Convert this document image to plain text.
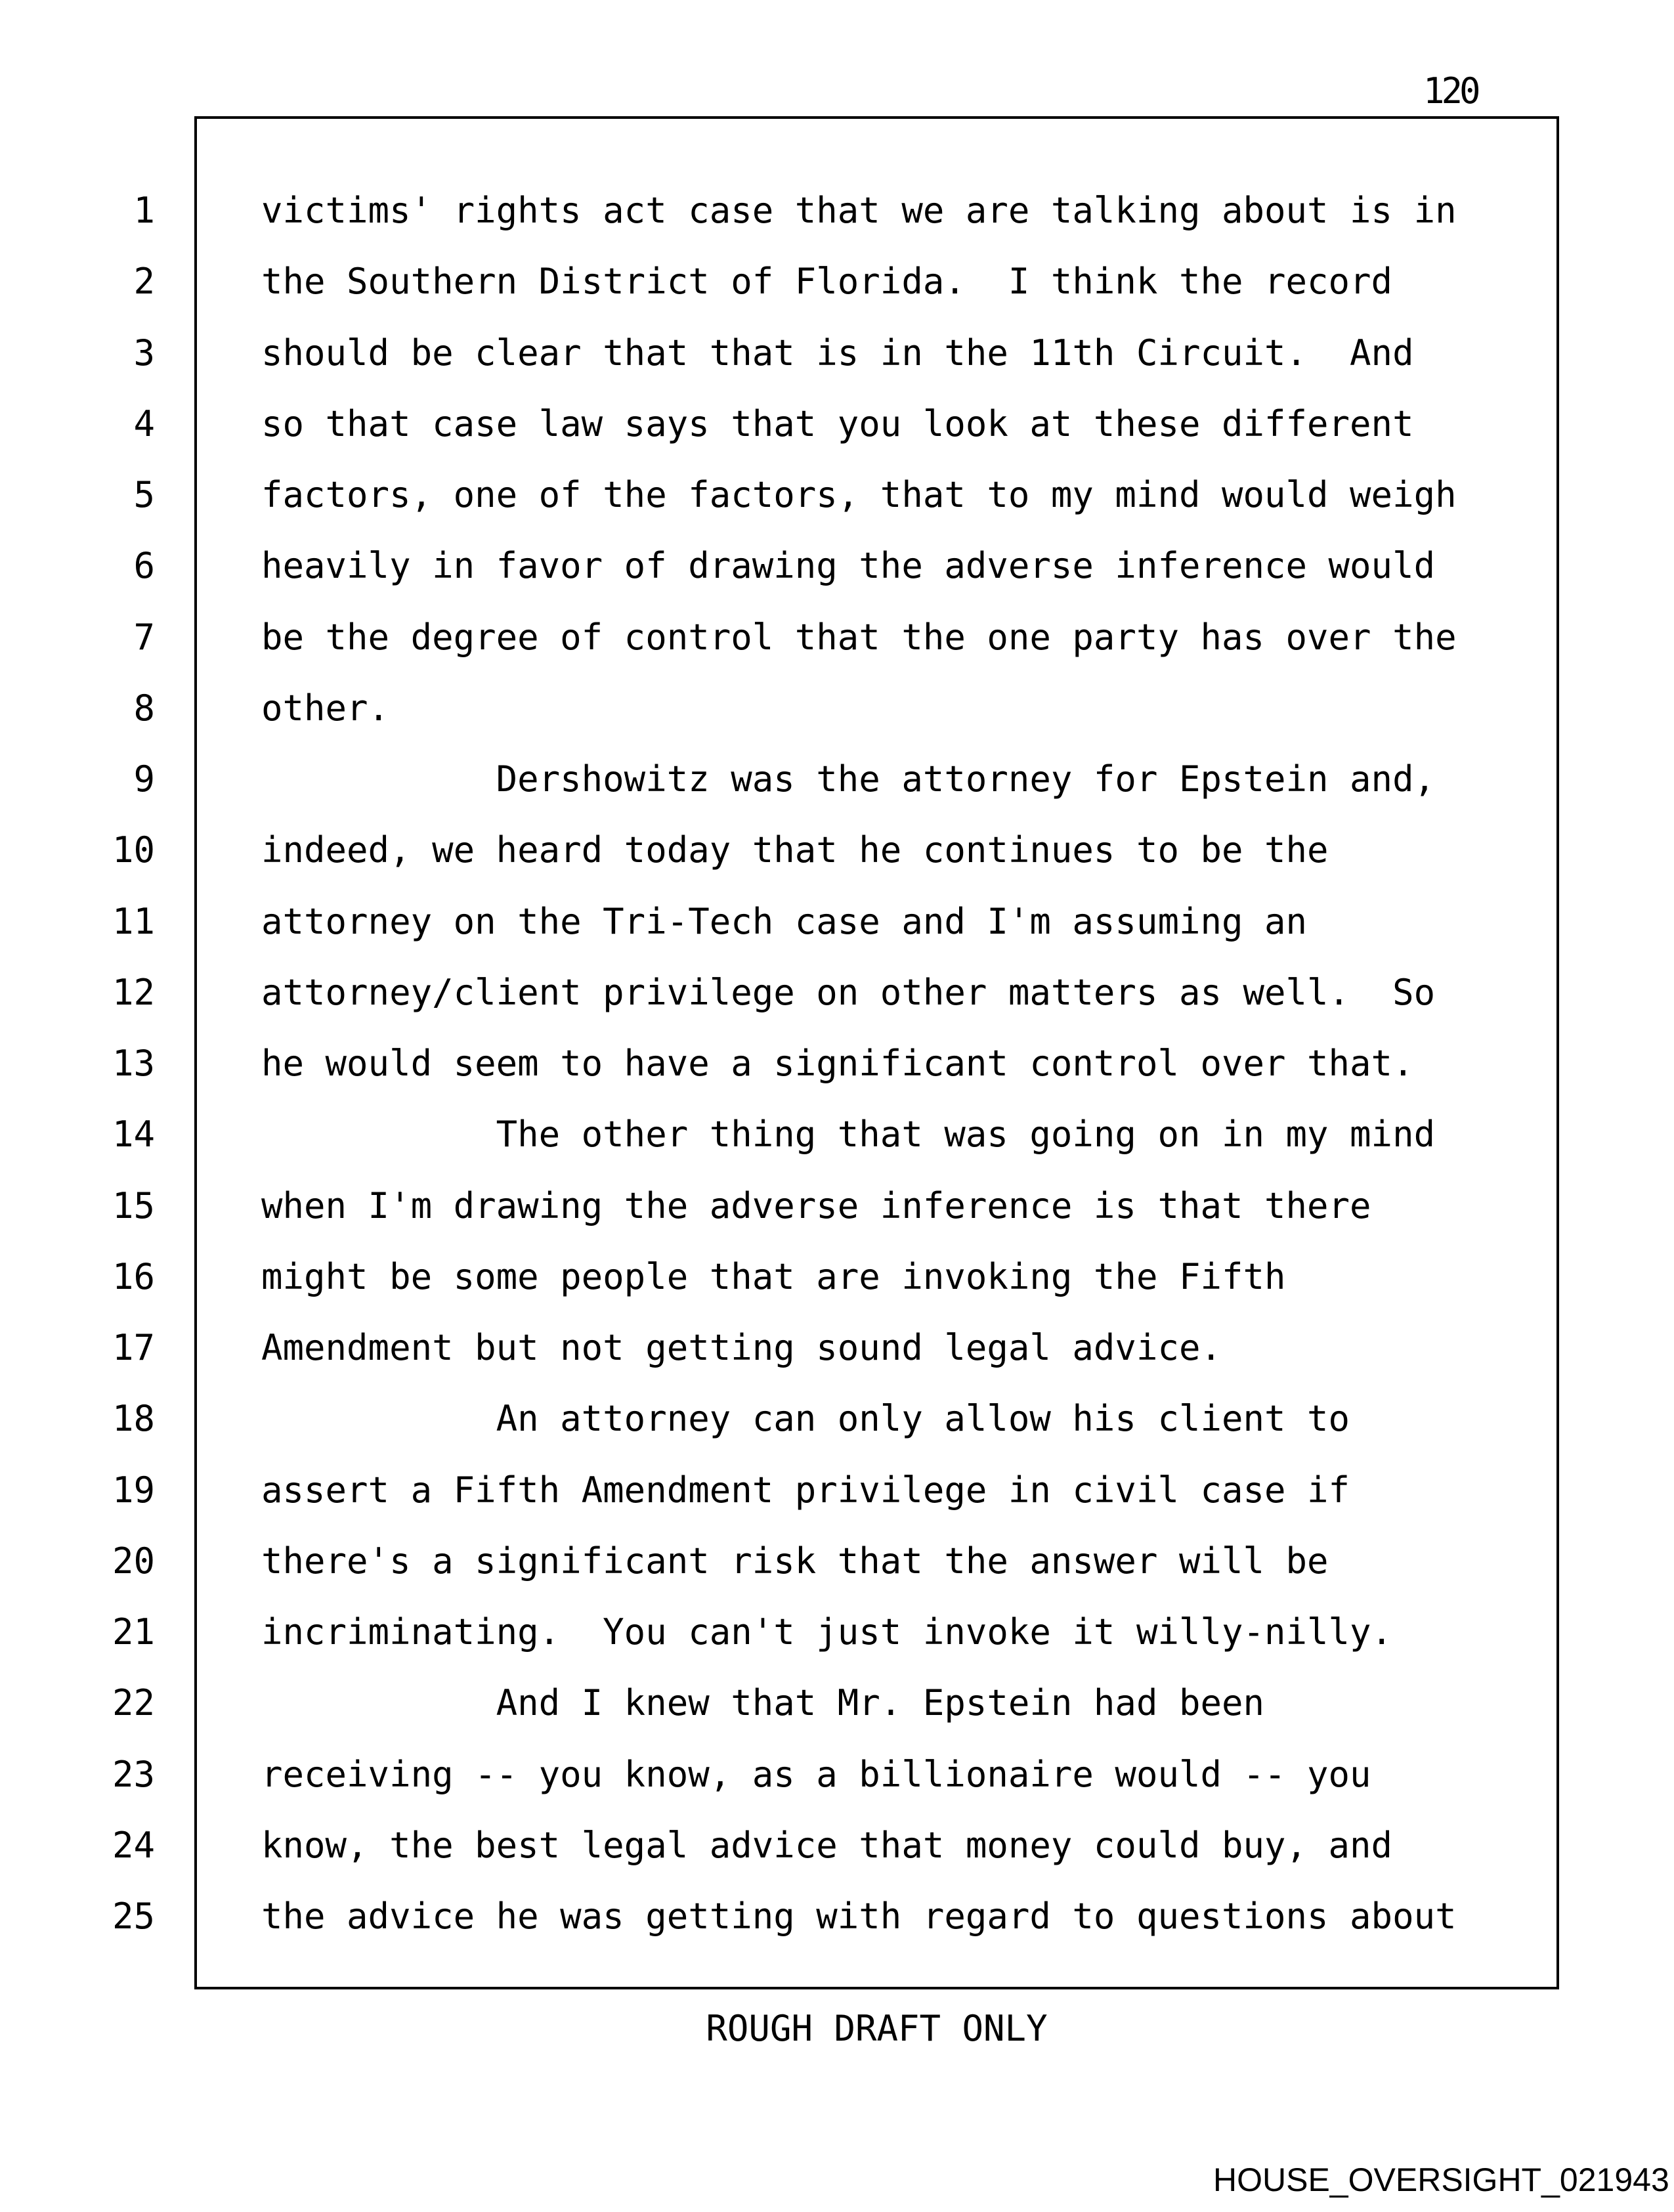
120
1	victims' rights act case that we are talking about is in
2	the Southern District of Florida.  I think the record
3	should be clear that that is in the 11th Circuit.  And
4	so that case law says that you look at these different
5	factors, one of the factors, that to my mind would weigh
6	heavily in favor of drawing the adverse inference would
7	be the degree of control that the one party has over the
8	other.
9	Dershowitz was the attorney for Epstein and,
10	indeed, we heard today that he continues to be the
11	attorney on the Tri-Tech case and I'm assuming an
12	attorney/client privilege on other matters as well.  So
13	he would seem to have a significant control over that.
14	The other thing that was going on in my mind
15	when I'm drawing the adverse inference is that there
16	might be some people that are invoking the Fifth
17	Amendment but not getting sound legal advice.
18	An attorney can only allow his client to
19	assert a Fifth Amendment privilege in civil case if
20	there's a significant risk that the answer will be
21	incriminating.  You can't just invoke it willy-nilly.
22	And I knew that Mr. Epstein had been
23	receiving -- you know, as a billionaire would -- you
24	know, the best legal advice that money could buy, and
25	the advice he was getting with regard to questions about
ROUGH DRAFT ONLY
HOUSE_OVERSIGHT_021943
